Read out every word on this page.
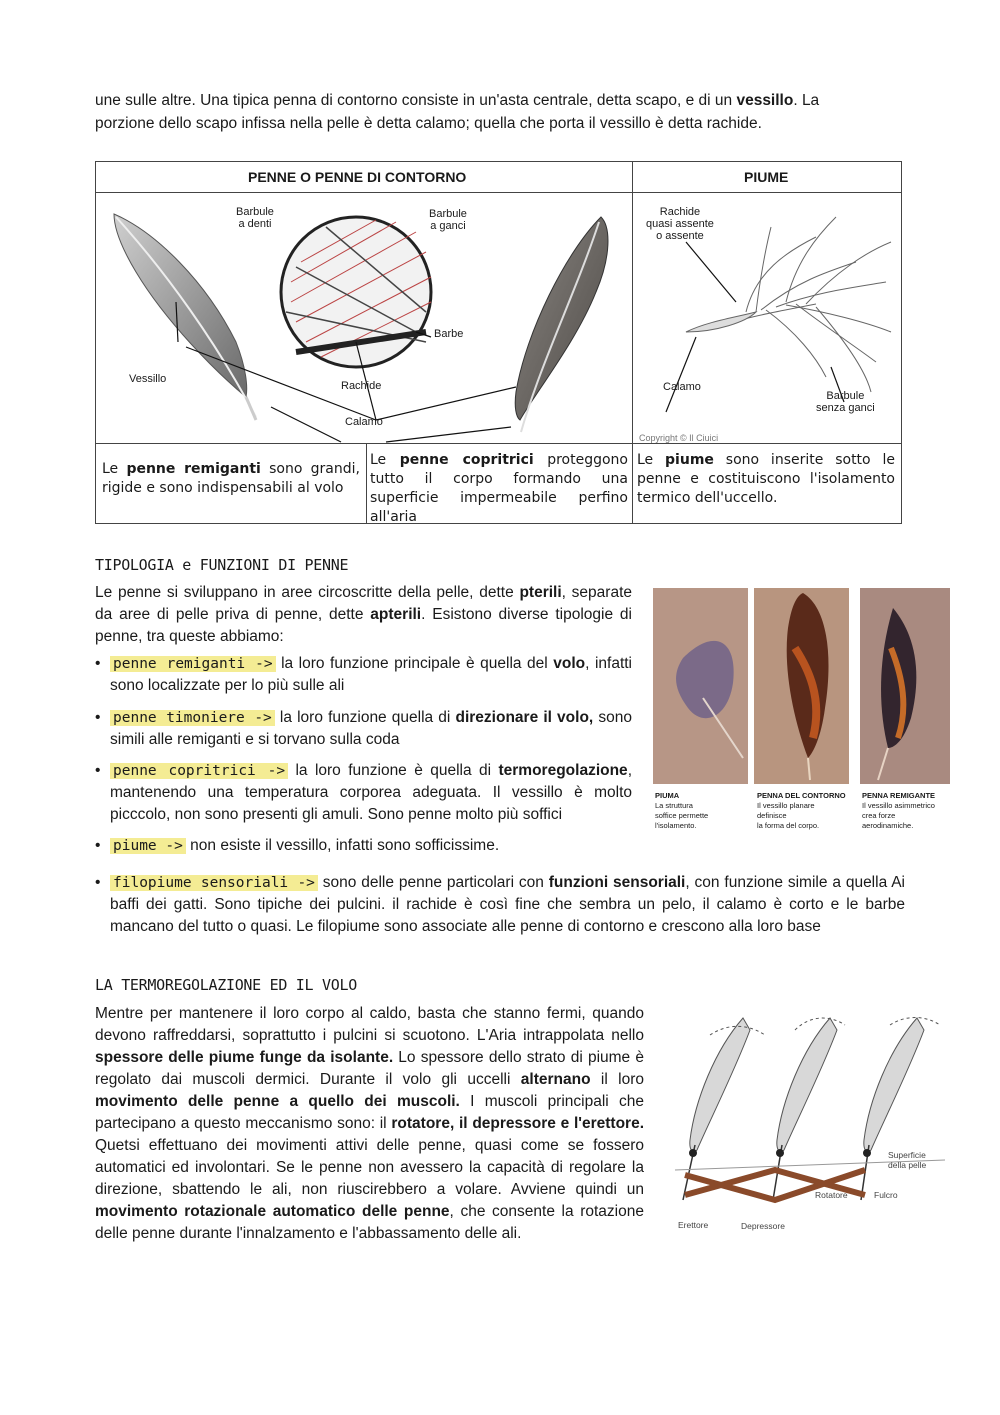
une sulle altre. Una tipica penna di contorno consiste in un'asta centrale, detta scapo, e di un vessillo. La
porzione dello scapo infissa nella pelle è detta calamo; quella che porta il vessillo è detta rachide.
PENNE O PENNE DI CONTORNO	PIUME
Barbule
a denti
Barbule
a ganci
Barbe
Vessillo
Rachide
Calamo
Rachide
quasi assente
o assente
Calamo
Barbule
senza ganci
Copyright © Il Ciuici
Le penne remiganti sono grandi, rigide e sono indispensabili al volo
Le penne copritrici proteggono tutto il corpo formando una superficie impermeabile perfino all'aria
Le piume sono inserite sotto le penne e costituiscono l'isolamento termico dell'uccello.
TIPOLOGIA e FUNZIONI DI PENNE
Le penne si sviluppano in aree circoscritte della pelle, dette pterili, separate da aree di pelle priva di penne, dette apterili. Esistono diverse tipologie di penne, tra queste abbiamo:
• penne remiganti -> la loro funzione principale è quella del volo, infatti sono localizzate per lo più sulle ali
• penne timoniere -> la loro funzione quella di direzionare il volo, sono simili alle remiganti e si torvano sulla coda
• penne copritrici -> la loro funzione è quella di termoregolazione, mantenendo una temperatura corporea adeguata. Il vessillo è molto picccolo, non sono presenti gli amuli. Sono penne molto più soffici
• piume -> non esiste il vessillo, infatti sono sofficissime.
• filopiume sensoriali -> sono delle penne particolari con funzioni sensoriali, con funzione simile a quella Ai baffi dei gatti. Sono tipiche dei pulcini. il rachide è così fine che sembra un pelo, il calamo è corto e le barbe mancano del tutto o quasi. Le filopiume sono associate alle penne di contorno e crescono alla loro base
PIUMA
La struttura
soffice permette
l'isolamento.
PENNA DEL CONTORNO
Il vessillo planare
definisce
la forma del corpo.
PENNA REMIGANTE
Il vessillo asimmetrico
crea forze
aerodinamiche.
LA TERMOREGOLAZIONE ED IL VOLO
Mentre per mantenere il loro corpo al caldo, basta che stanno fermi, quando devono raffreddarsi, soprattutto i pulcini si scuotono. L'Aria intrappolata nello spessore delle piume funge da isolante. Lo spessore dello strato di piume è regolato dai muscoli dermici. Durante il volo gli uccelli alternano il loro movimento delle penne a quello dei muscoli. I muscoli principali che partecipano a questo meccanismo sono: il rotatore, il depressore e l'erettore. Quetsi effettuano dei movimenti attivi delle penne, quasi come se fossero automatici ed involontari. Se le penne non avessero la capacità di regolare la direzione, sbattendo le ali, non riuscirebbero a volare. Avviene quindi un movimento rotazionale automatico delle penne, che consente la rotazione delle penne durante l'innalzamento e l'abbassamento delle ali.
Superficie
della pelle
Rotatore	Fulcro
Erettore	Depressore
